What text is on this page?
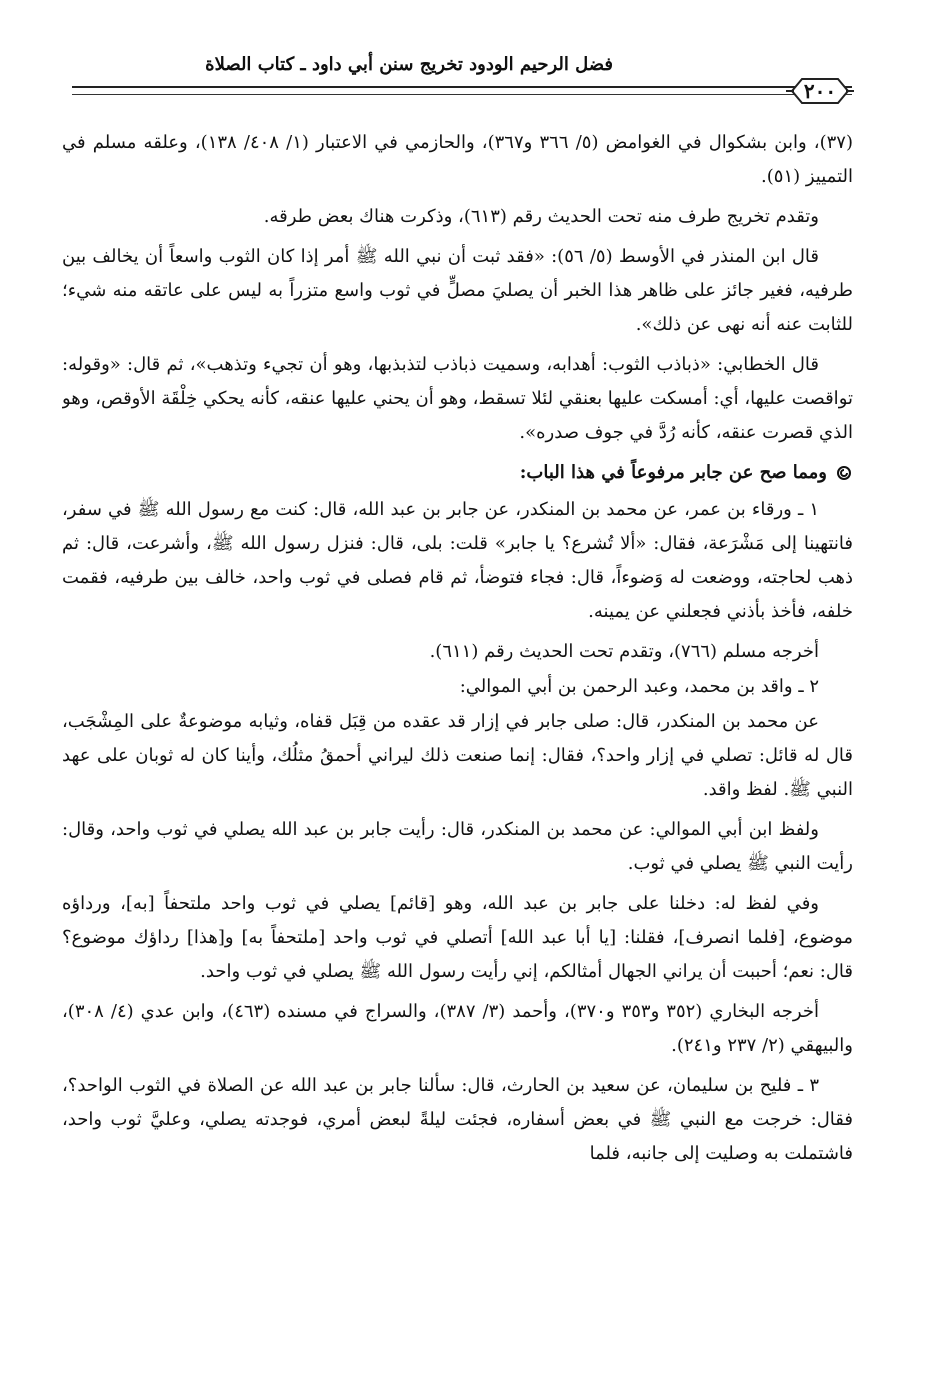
فضل الرحيم الودود تخريج سنن أبي داود ـ كتاب الصلاة
٢٠٠

(٣٧)، وابن بشكوال في الغوامض (٥/ ٣٦٦ و٣٦٧)، والحازمي في الاعتبار (١/ ٤٠٨/ ١٣٨)، وعلقه مسلم في التمييز (٥١).

وتقدم تخريج طرف منه تحت الحديث رقم (٦١٣)، وذكرت هناك بعض طرقه.

قال ابن المنذر في الأوسط (٥/ ٥٦): «فقد ثبت أن نبي الله ﷺ أمر إذا كان الثوب واسعاً أن يخالف بين طرفيه، فغير جائز على ظاهر هذا الخبر أن يصليَ مصلٍّ في ثوب واسع متزراً به ليس على عاتقه منه شيء؛ للثابت عنه أنه نهى عن ذلك».

قال الخطابي: «ذباذب الثوب: أهدابه، وسميت ذباذب لتذبذبها، وهو أن تجيء وتذهب»، ثم قال: «وقوله: تواقصت عليها، أي: أمسكت عليها بعنقي لئلا تسقط، وهو أن يحني عليها عنقه، كأنه يحكي خِلْقَة الأوقص، وهو الذي قصرت عنقه، كأنه رُدَّ في جوف صدره».

ومما صح عن جابر مرفوعاً في هذا الباب:

١ ـ ورقاء بن عمر، عن محمد بن المنكدر، عن جابر بن عبد الله، قال: كنت مع رسول الله ﷺ في سفر، فانتهينا إلى مَشْرَعة، فقال: «ألا تُشرع؟ يا جابر» قلت: بلى، قال: فنزل رسول الله ﷺ، وأشرعت، قال: ثم ذهب لحاجته، ووضعت له وَضوءاً، قال: فجاء فتوضأ، ثم قام فصلى في ثوب واحد، خالف بين طرفيه، فقمت خلفه، فأخذ بأذني فجعلني عن يمينه.

أخرجه مسلم (٧٦٦)، وتقدم تحت الحديث رقم (٦١١).

٢ ـ واقد بن محمد، وعبد الرحمن بن أبي الموالي:

عن محمد بن المنكدر، قال: صلى جابر في إزار قد عقده من قِبَل قفاه، وثيابه موضوعةٌ على المِشْجَب، قال له قائل: تصلي في إزار واحد؟، فقال: إنما صنعت ذلك ليراني أحمقُ مثلُك، وأينا كان له ثوبان على عهد النبي ﷺ. لفظ واقد.

ولفظ ابن أبي الموالي: عن محمد بن المنكدر، قال: رأيت جابر بن عبد الله يصلي في ثوب واحد، وقال: رأيت النبي ﷺ يصلي في ثوب.

وفي لفظ له: دخلنا على جابر بن عبد الله، وهو [قائم] يصلي في ثوب واحد ملتحفاً [به]، ورداؤه موضوع، [فلما انصرف]، فقلنا: [يا أبا عبد الله] أتصلي في ثوب واحد [ملتحفاً به] و[هذا] رداؤك موضوع؟ قال: نعم؛ أحببت أن يراني الجهال أمثالكم، إني رأيت رسول الله ﷺ يصلي في ثوب واحد.

أخرجه البخاري (٣٥٢ و٣٥٣ و٣٧٠)، وأحمد (٣/ ٣٨٧)، والسراج في مسنده (٤٦٣)، وابن عدي (٤/ ٣٠٨)، والبيهقي (٢/ ٢٣٧ و٢٤١).

٣ ـ فليح بن سليمان، عن سعيد بن الحارث، قال: سألنا جابر بن عبد الله عن الصلاة في الثوب الواحد؟، فقال: خرجت مع النبي ﷺ في بعض أسفاره، فجئت ليلةً لبعض أمري، فوجدته يصلي، وعليَّ ثوب واحد، فاشتملت به وصليت إلى جانبه، فلما
